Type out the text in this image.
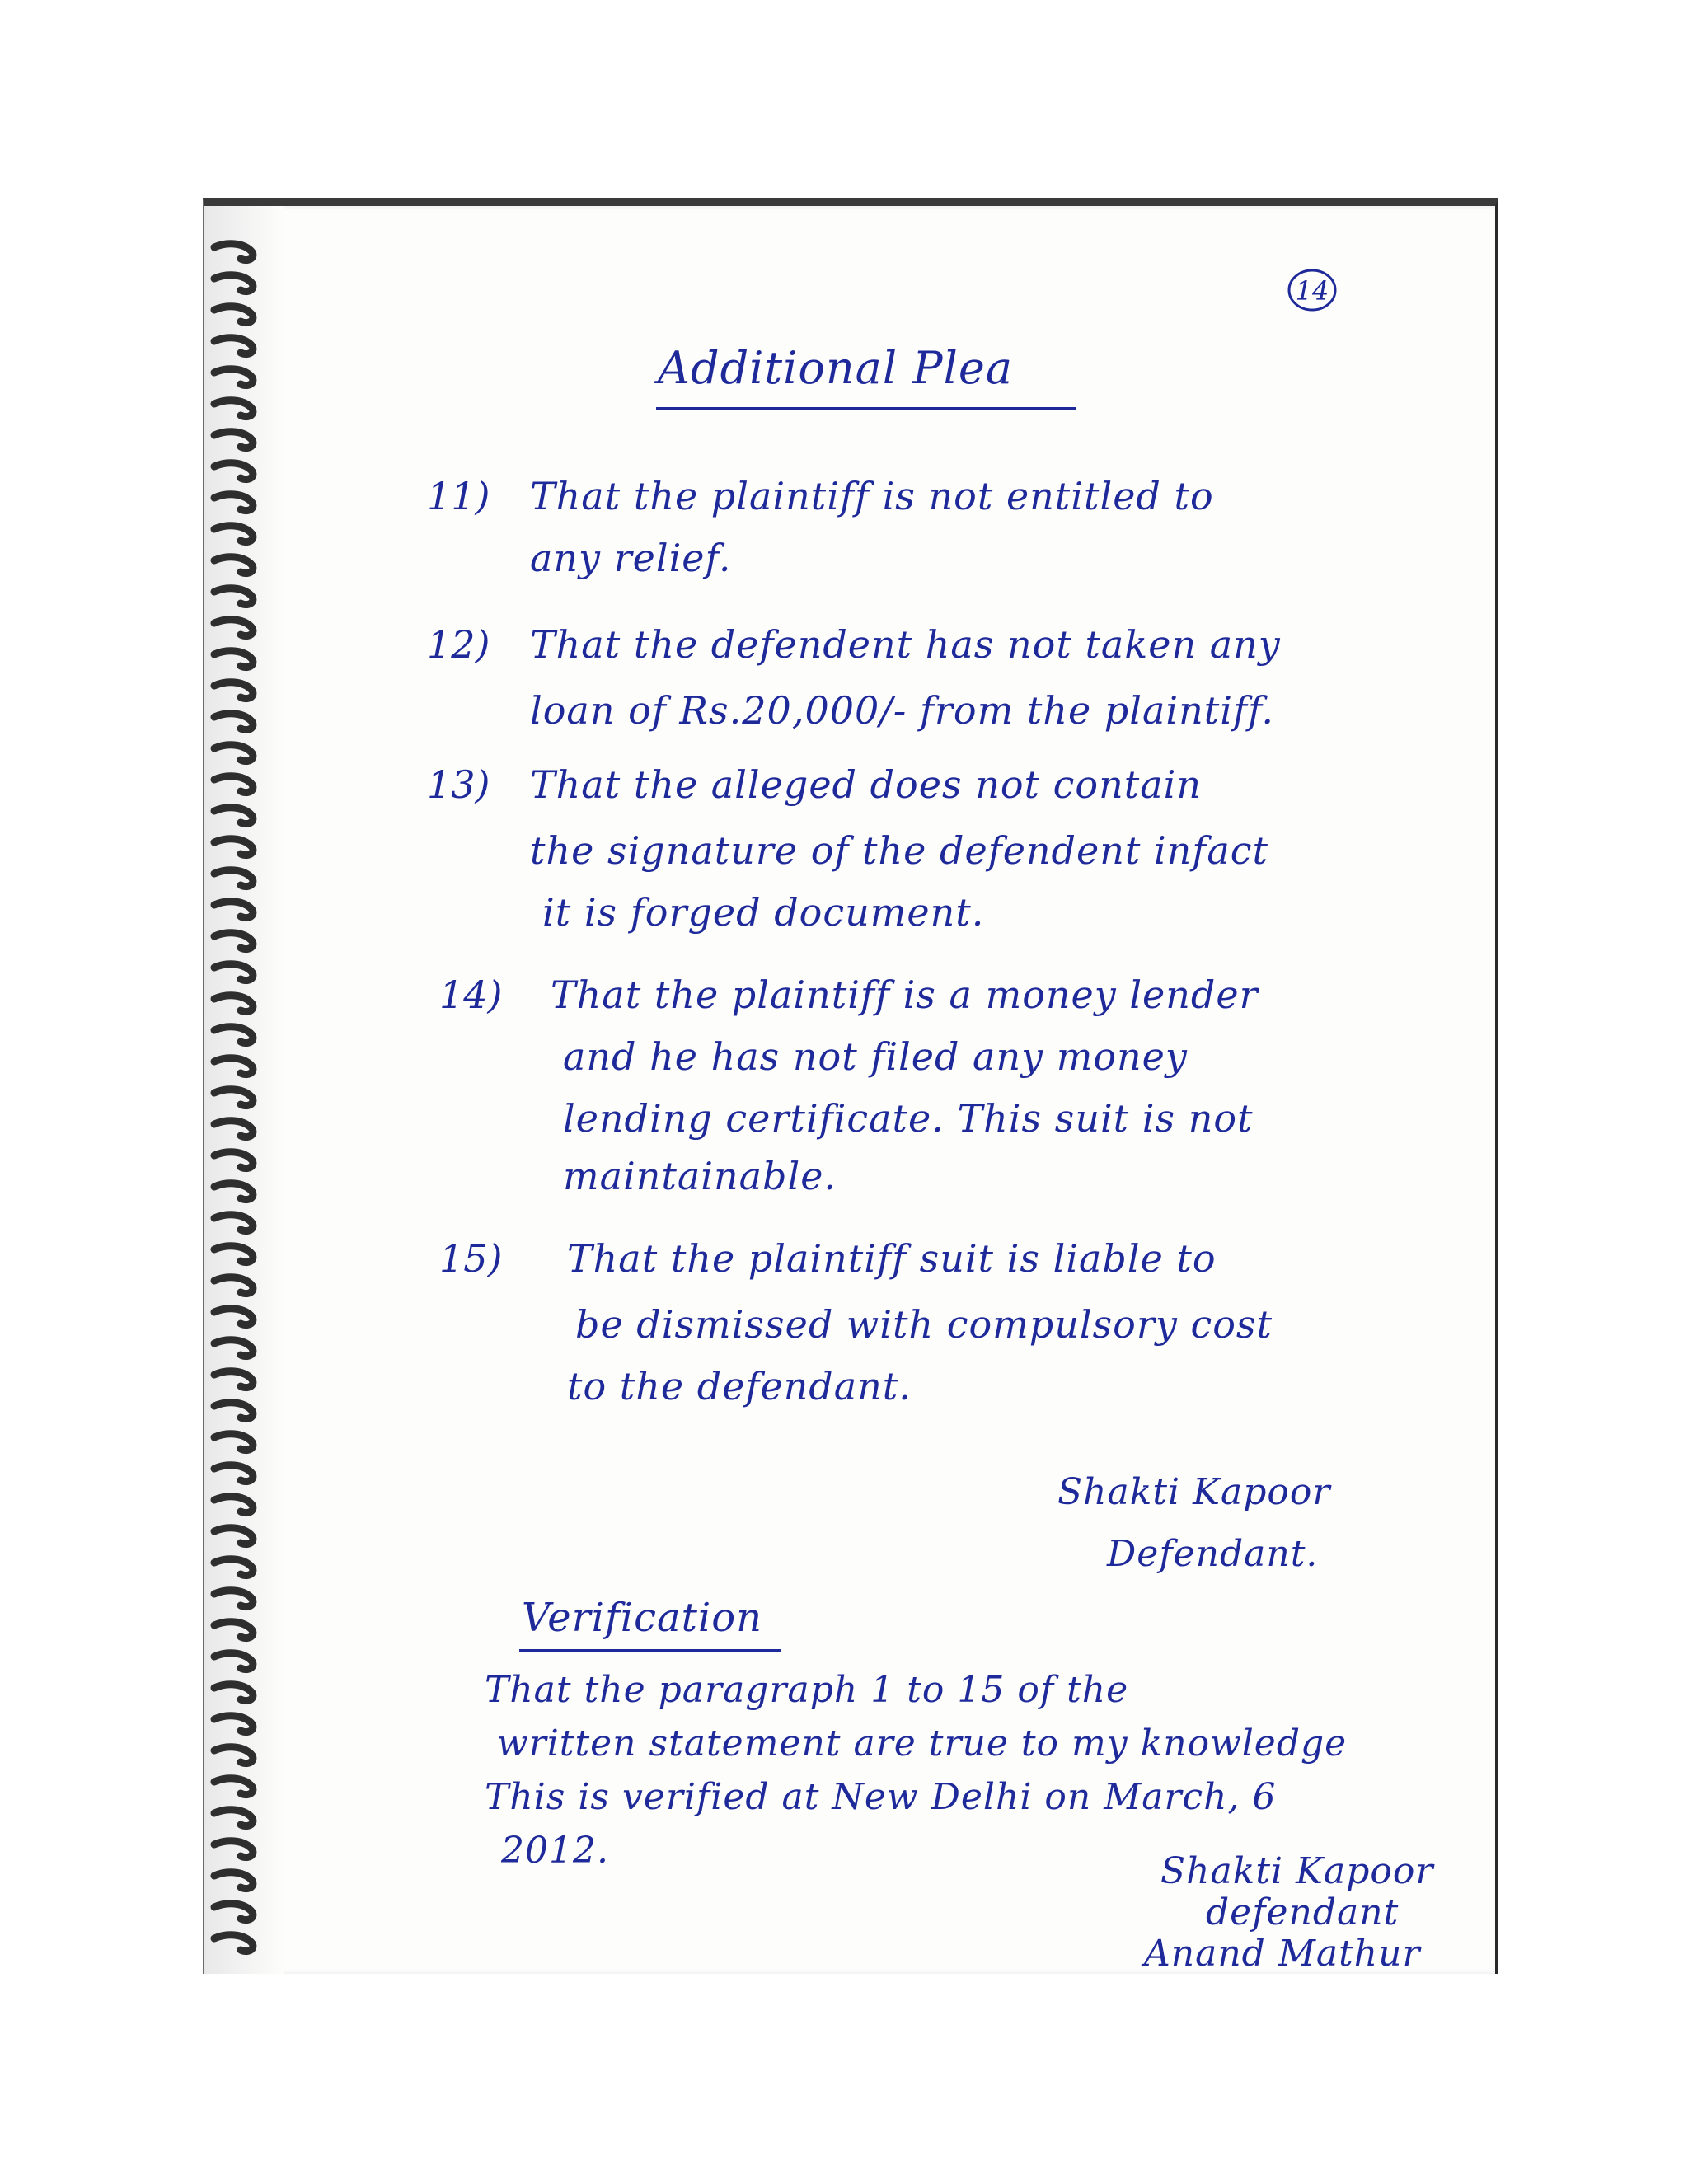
14
Additional Plea
11) That the plaintiff is not entitled to
any relief.
12) That the defendent has not taken any
loan of Rs.20,000/- from the plaintiff.
13) That the alleged does not contain
the signature of the defendent infact
it is forged document.
14) That the plaintiff is a money lender
and he has not filed any money
lending certificate. This suit is not
maintainable.
15) That the plaintiff suit is liable to
be dismissed with compulsory cost
to the defendant.
Shakti Kapoor
Defendant.
Verification
That the paragraph 1 to 15 of the
written statement are true to my knowledge
This is verified at New Delhi on March, 6
2012.	Shakti Kapoor
defendant
Anand Mathur
